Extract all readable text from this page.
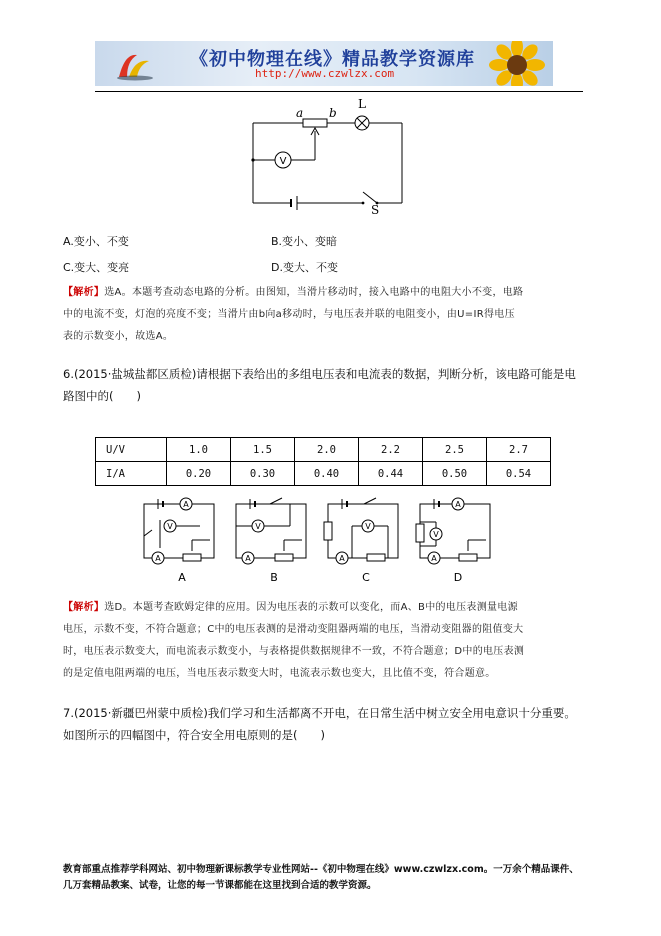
《初中物理在线》精品教学资源库
http://www.czwlzx.com
a b
L
S
V
A.变小、不变	B.变小、变暗
C.变大、变亮	D.变大、不变
【解析】选A。本题考查动态电路的分析。由图知，当滑片移动时，接入电路中的电阻大小不变，电路
中的电流不变，灯泡的亮度不变；当滑片由b向a移动时，与电压表并联的电阻变小，由U=IR得电压
表的示数变小，故选A。
6.(2015·盐城盐都区质检)请根据下表给出的多组电压表和电流表的数据，判断分析，该电路可能是电
路图中的(　　)
U/V	1.0	1.5	2.0	2.2	2.5	2.7
I/A	0.20	0.30	0.40	0.44	0.50	0.54
A
V
A
V
A
V
A
A
V
A
A	B	C	D
【解析】选D。本题考查欧姆定律的应用。因为电压表的示数可以变化，而A、B中的电压表测量电源
电压，示数不变，不符合题意；C中的电压表测的是滑动变阻器两端的电压，当滑动变阻器的阻值变大
时，电压表示数变大，而电流表示数变小，与表格提供数据规律不一致，不符合题意；D中的电压表测
的是定值电阻两端的电压，当电压表示数变大时，电流表示数也变大，且比值不变，符合题意。
7.(2015·新疆巴州蒙中质检)我们学习和生活都离不开电，在日常生活中树立安全用电意识十分重要。
如图所示的四幅图中，符合安全用电原则的是(　　)
教育部重点推荐学科网站、初中物理新课标教学专业性网站--《初中物理在线》www.czwlzx.com。一万余个精品课件、
几万套精品教案、试卷，让您的每一节课都能在这里找到合适的教学资源。
